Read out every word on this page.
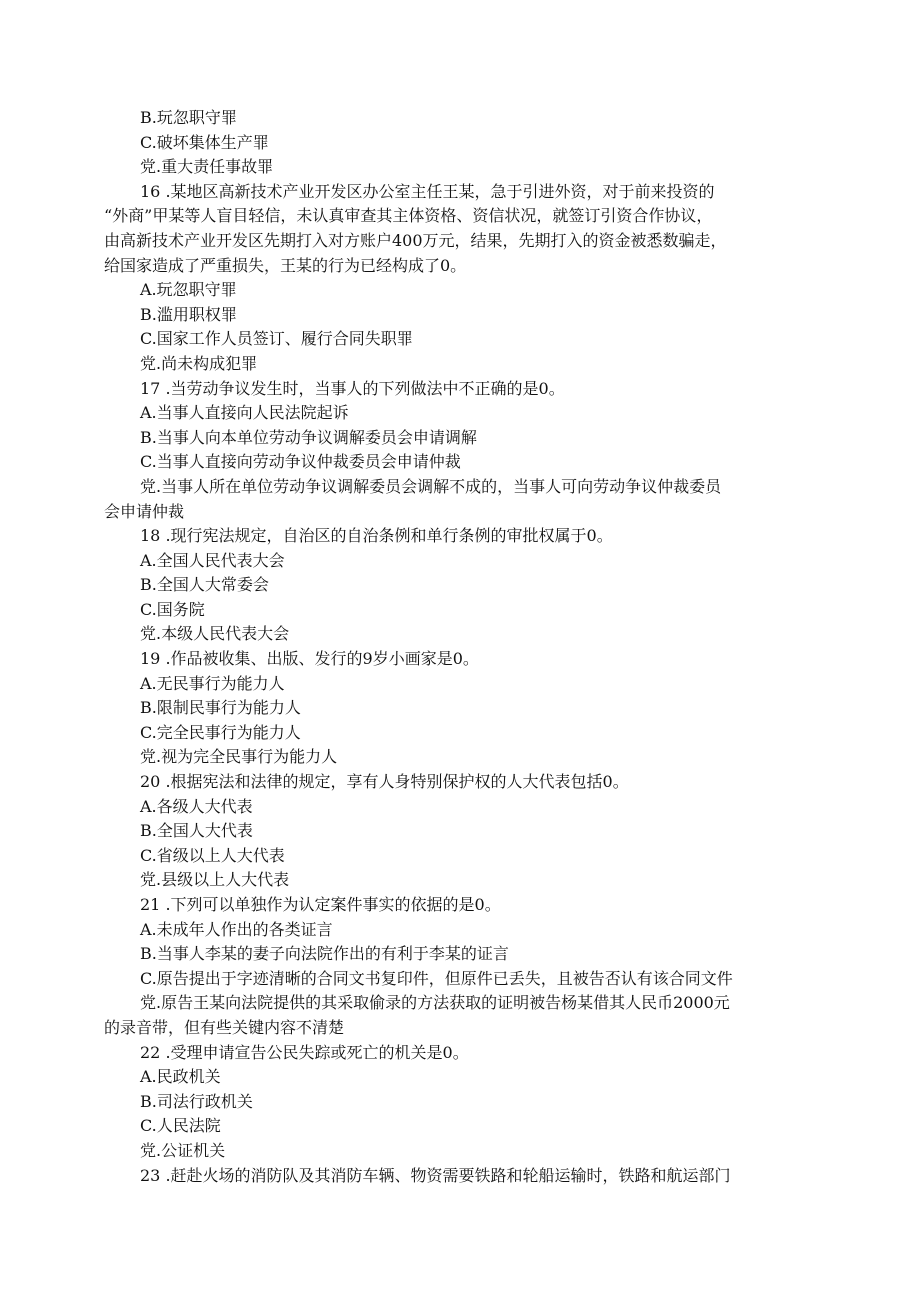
B.玩忽职守罪
C.破坏集体生产罪
党.重大责任事故罪
16 .某地区高新技术产业开发区办公室主任王某，急于引进外资，对于前来投资的
“外商”甲某等人盲目轻信，未认真审查其主体资格、资信状况，就签订引资合作协议，
由高新技术产业开发区先期打入对方账户400万元，结果，先期打入的资金被悉数骗走，
给国家造成了严重损失，王某的行为已经构成了0。
A.玩忽职守罪
B.滥用职权罪
C.国家工作人员签订、履行合同失职罪
党.尚未构成犯罪
17 .当劳动争议发生时，当事人的下列做法中不正确的是0。
A.当事人直接向人民法院起诉
B.当事人向本单位劳动争议调解委员会申请调解
C.当事人直接向劳动争议仲裁委员会申请仲裁
党.当事人所在单位劳动争议调解委员会调解不成的，当事人可向劳动争议仲裁委员
会申请仲裁
18 .现行宪法规定，自治区的自治条例和单行条例的审批权属于0。
A.全国人民代表大会
B.全国人大常委会
C.国务院
党.本级人民代表大会
19 .作品被收集、出版、发行的9岁小画家是0。
A.无民事行为能力人
B.限制民事行为能力人
C.完全民事行为能力人
党.视为完全民事行为能力人
20 .根据宪法和法律的规定，享有人身特别保护权的人大代表包括0。
A.各级人大代表
B.全国人大代表
C.省级以上人大代表
党.县级以上人大代表
21 .下列可以单独作为认定案件事实的依据的是0。
A.未成年人作出的各类证言
B.当事人李某的妻子向法院作出的有利于李某的证言
C.原告提出于字迹清晰的合同文书复印件，但原件已丢失，且被告否认有该合同文件
党.原告王某向法院提供的其采取偷录的方法获取的证明被告杨某借其人民币2000元
的录音带，但有些关键内容不清楚
22 .受理申请宣告公民失踪或死亡的机关是0。
A.民政机关
B.司法行政机关
C.人民法院
党.公证机关
23 .赶赴火场的消防队及其消防车辆、物资需要铁路和轮船运输时，铁路和航运部门
